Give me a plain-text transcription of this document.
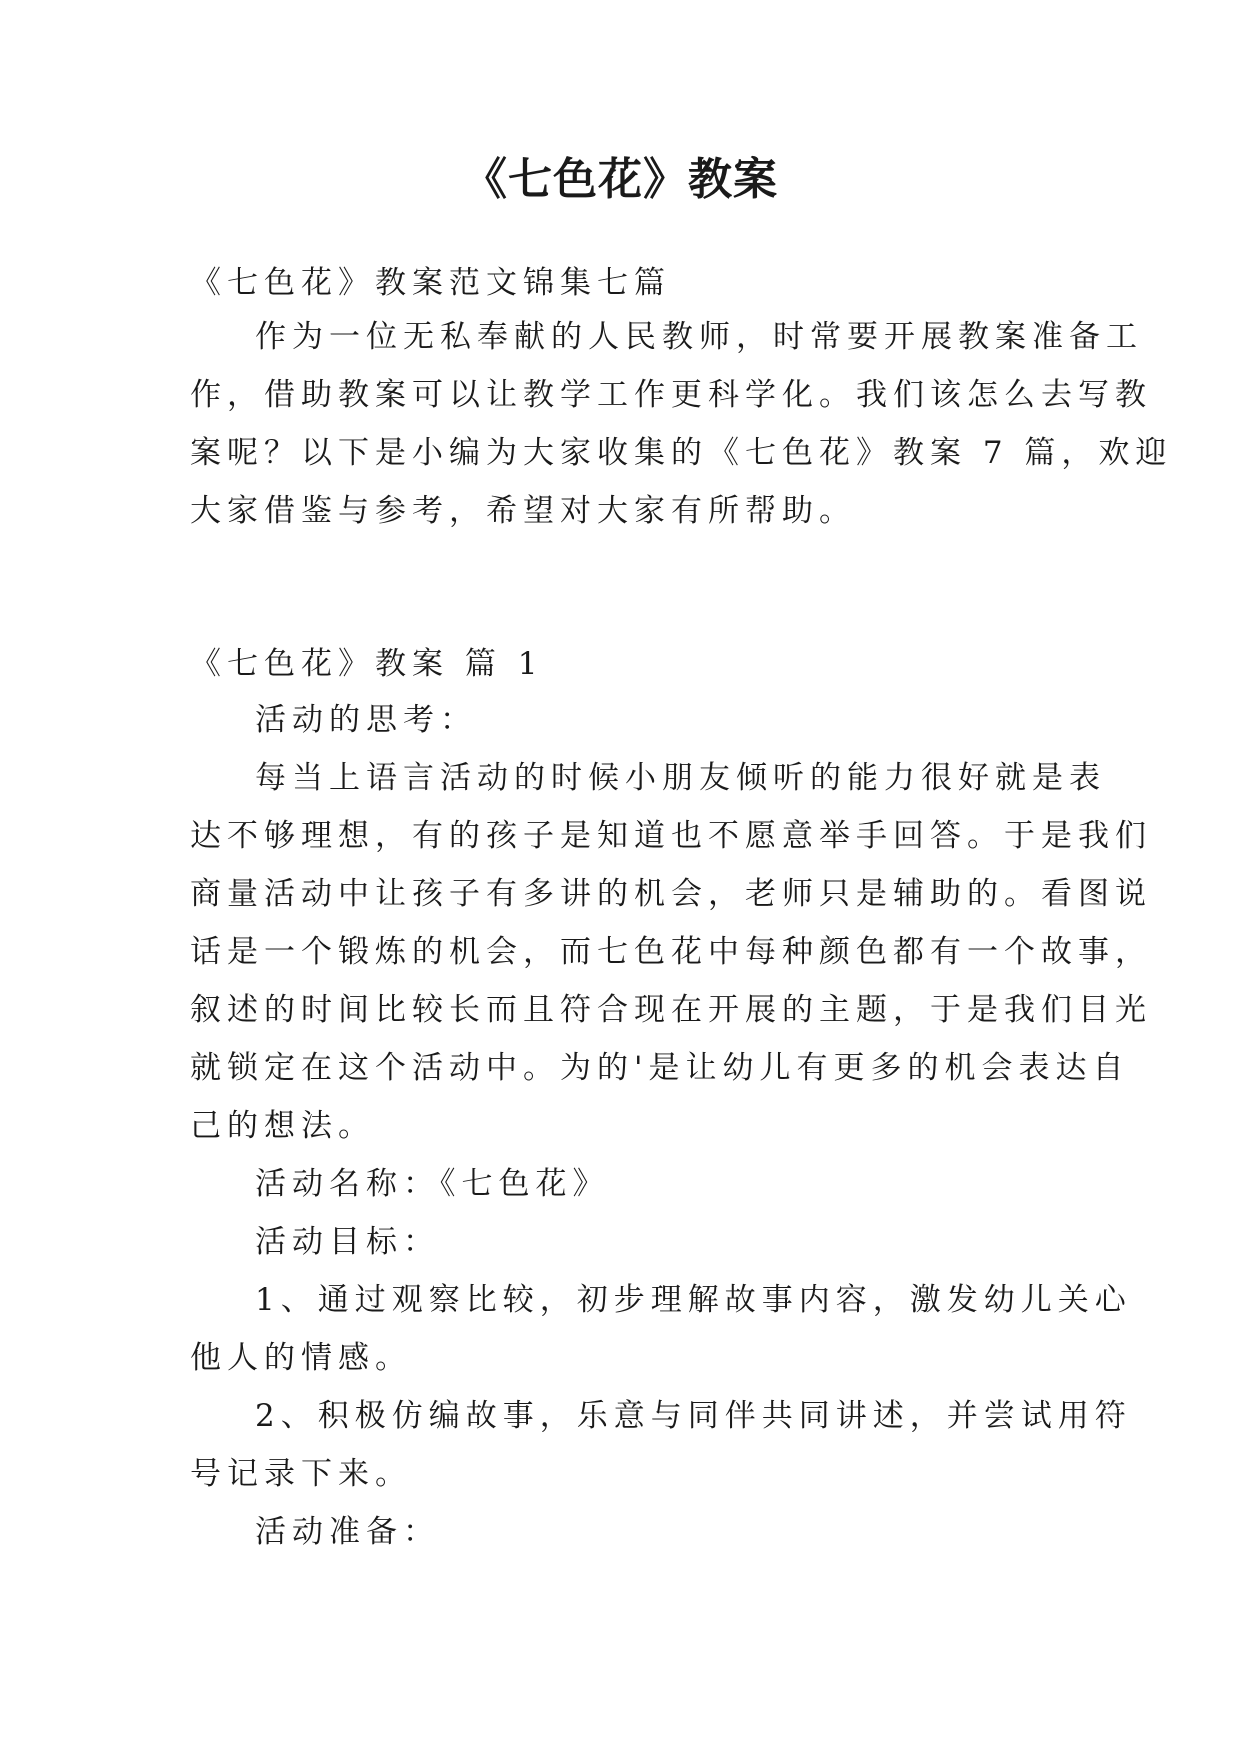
《七色花》教案
《七色花》教案范文锦集七篇
作为一位无私奉献的人民教师，时常要开展教案准备工
作，借助教案可以让教学工作更科学化。我们该怎么去写教
案呢？以下是小编为大家收集的《七色花》教案 7 篇，欢迎
大家借鉴与参考，希望对大家有所帮助。
《七色花》教案 篇 1
活动的思考：
每当上语言活动的时候小朋友倾听的能力很好就是表
达不够理想，有的孩子是知道也不愿意举手回答。于是我们
商量活动中让孩子有多讲的机会，老师只是辅助的。看图说
话是一个锻炼的机会，而七色花中每种颜色都有一个故事，
叙述的时间比较长而且符合现在开展的主题，于是我们目光
就锁定在这个活动中。为的'是让幼儿有更多的机会表达自
己的想法。
活动名称：《七色花》
活动目标：
1、通过观察比较，初步理解故事内容，激发幼儿关心
他人的情感。
2、积极仿编故事，乐意与同伴共同讲述，并尝试用符
号记录下来。
活动准备：
